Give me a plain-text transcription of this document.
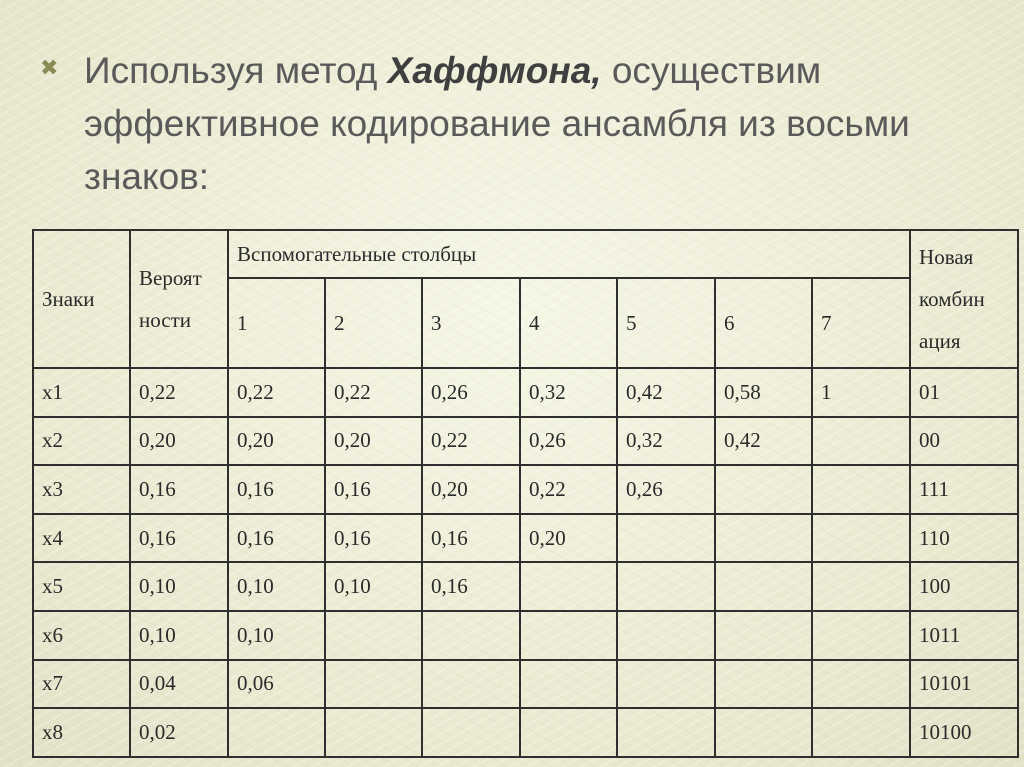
✖ Используя метод Хаффмона, осуществим эффективное кодирование ансамбля из восьми знаков:

Знаки	Вероят ности	Вспомогательные столбцы							Новая комбин ация
		1	2	3	4	5	6	7	
x1	0,22	0,22	0,22	0,26	0,32	0,42	0,58	1	01
x2	0,20	0,20	0,20	0,22	0,26	0,32	0,42		00
x3	0,16	0,16	0,16	0,20	0,22	0,26			111
x4	0,16	0,16	0,16	0,16	0,20				110
x5	0,10	0,10	0,10	0,16					100
x6	0,10	0,10							1011
x7	0,04	0,06							10101
x8	0,02								10100
